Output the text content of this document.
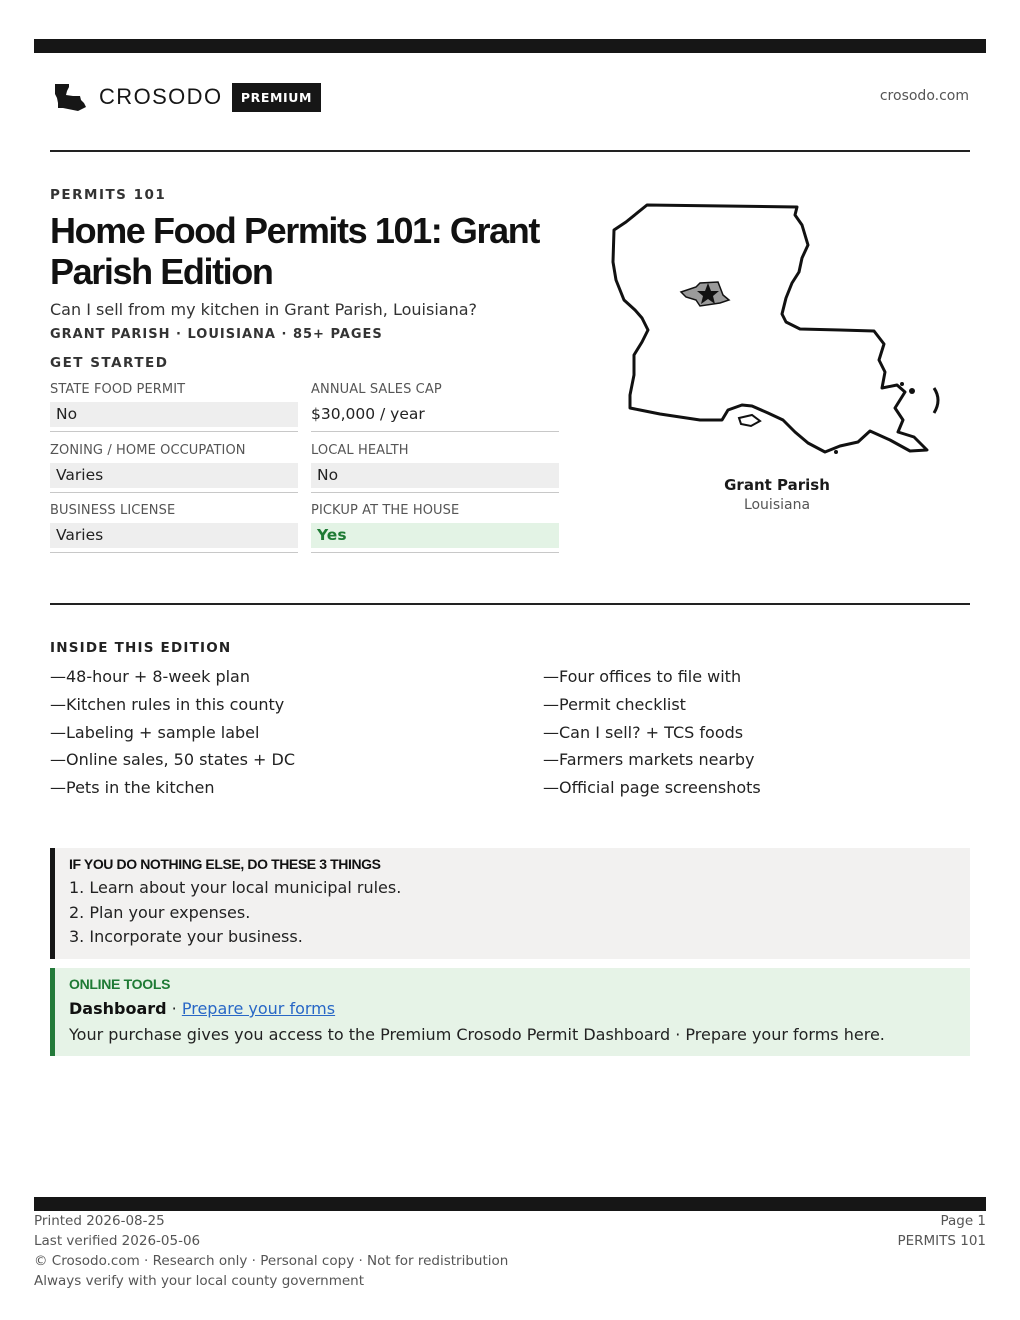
CROSODO	PREMIUM	crosodo.com
PERMITS 101
Home Food Permits 101: Grant Parish Edition
Can I sell from my kitchen in Grant Parish, Louisiana?
GRANT PARISH · LOUISIANA · 85+ PAGES
GET STARTED
STATE FOOD PERMIT
No
ANNUAL SALES CAP
$30,000 / year
ZONING / HOME OCCUPATION
Varies
LOCAL HEALTH
No
BUSINESS LICENSE
Varies
PICKUP AT THE HOUSE
Yes
Grant Parish
Louisiana
INSIDE THIS EDITION
—48-hour + 8-week plan
—Kitchen rules in this county
—Labeling + sample label
—Online sales, 50 states + DC
—Pets in the kitchen
—Four offices to file with
—Permit checklist
—Can I sell? + TCS foods
—Farmers markets nearby
—Official page screenshots
IF YOU DO NOTHING ELSE, DO THESE 3 THINGS
1. Learn about your local municipal rules.
2. Plan your expenses.
3. Incorporate your business.
ONLINE TOOLS
Dashboard · Prepare your forms
Your purchase gives you access to the Premium Crosodo Permit Dashboard · Prepare your forms here.
Printed 2026-08-25
Last verified 2026-05-06
© Crosodo.com · Research only · Personal copy · Not for redistribution
Always verify with your local county government
Page 1
PERMITS 101
